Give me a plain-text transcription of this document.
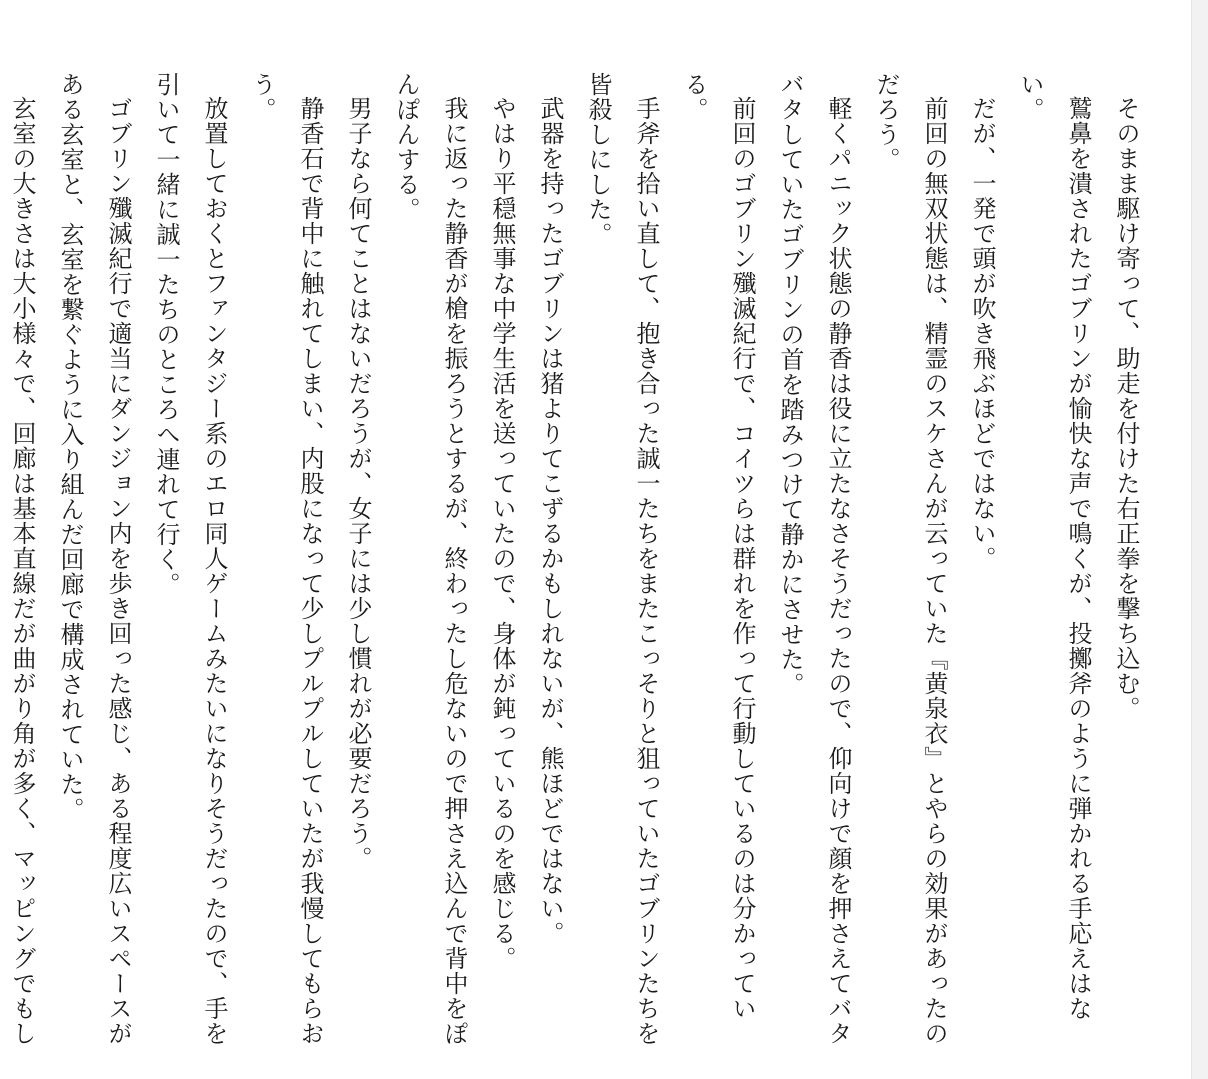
そのまま駆け寄って、助走を付けた右正拳を撃ち込む。

鷲鼻を潰されたゴブリンが愉快な声で鳴くが、投擲斧のように弾かれる手応えはない。

だが、一発で頭が吹き飛ぶほどではない。

前回の無双状態は、精霊のスケさんが云っていた『黄泉衣』とやらの効果があったのだろう。

軽くパニック状態の静香は役に立たなさそうだったので、仰向けで顔を押さえてバタバタしていたゴブリンの首を踏みつけて静かにさせた。

前回のゴブリン殲滅紀行で、コイツらは群れを作って行動しているのは分かっている。

手斧を拾い直して、抱き合った誠一たちをまたこっそりと狙っていたゴブリンたちを皆殺しにした。

武器を持ったゴブリンは猪よりてこずるかもしれないが、熊ほどではない。

やはり平穏無事な中学生活を送っていたので、身体が鈍っているのを感じる。

我に返った静香が槍を振ろうとするが、終わったし危ないので押さえ込んで背中をぽんぽんする。

男子なら何てことはないだろうが、女子には少し慣れが必要だろう。

静香石で背中に触れてしまい、内股になって少しプルプルしていたが我慢してもらおう。

放置しておくとファンタジー系のエロ同人ゲームみたいになりそうだったので、手を引いて一緒に誠一たちのところへ連れて行く。

ゴブリン殲滅紀行で適当にダンジョン内を歩き回った感じ、ある程度広いスペースがある玄室と、玄室を繋ぐように入り組んだ回廊で構成されていた。

玄室の大きさは大小様々で、回廊は基本直線だが曲がり角が多く、マッピングでもし
